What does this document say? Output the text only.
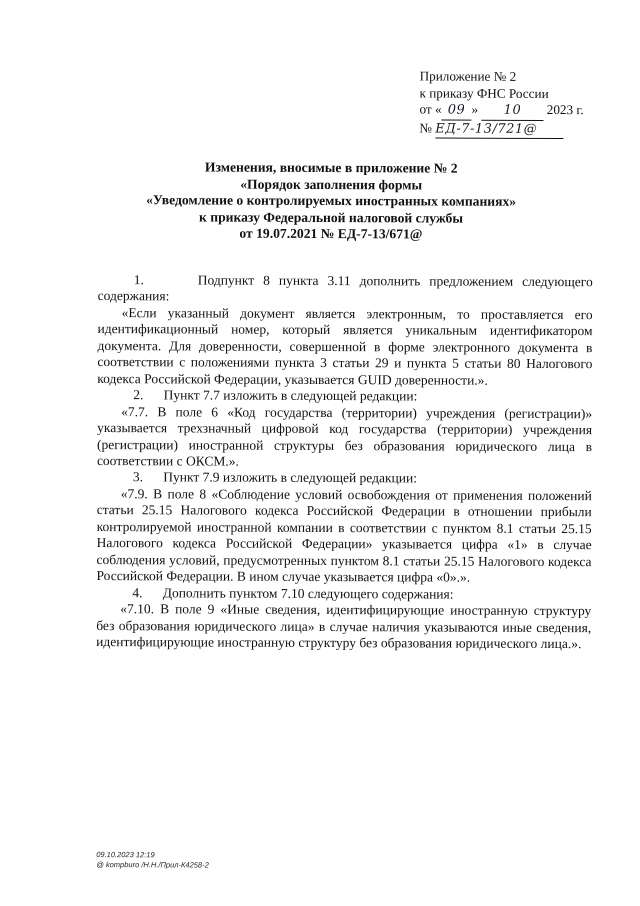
Приложение № 2
к приказу ФНС России
от « 09 » 10 2023 г.
№ ЕД-7-13/721@
Изменения, вносимые в приложение № 2
«Порядок заполнения формы
«Уведомление о контролируемых иностранных компаниях»
к приказу Федеральной налоговой службы
от 19.07.2021 № ЕД-7-13/671@

1.      Подпункт 8 пункта 3.11 дополнить предложением следующего содержания:

«Если указанный документ является электронным, то проставляется его идентификационный номер, который является уникальным идентификатором документа. Для доверенности, совершенной в форме электронного документа в соответствии с положениями пункта 3 статьи 29 и пункта 5 статьи 80 Налогового кодекса Российской Федерации, указывается GUID доверенности.».

2.      Пункт 7.7 изложить в следующей редакции:

«7.7. В поле 6 «Код государства (территории) учреждения (регистрации)» указывается трехзначный цифровой код государства (территории) учреждения (регистрации) иностранной структуры без образования юридического лица в соответствии с ОКСМ.».

3.      Пункт 7.9 изложить в следующей редакции:

«7.9. В поле 8 «Соблюдение условий освобождения от применения положений статьи 25.15 Налогового кодекса Российской Федерации в отношении прибыли контролируемой иностранной компании в соответствии с пунктом 8.1 статьи 25.15 Налогового кодекса Российской Федерации» указывается цифра «1» в случае соблюдения условий, предусмотренных пунктом 8.1 статьи 25.15 Налогового кодекса Российской Федерации. В ином случае указывается цифра «0».».

4.      Дополнить пунктом 7.10 следующего содержания:

«7.10. В поле 9 «Иные сведения, идентифицирующие иностранную структуру без образования юридического лица» в случае наличия указываются иные сведения, идентифицирующие иностранную структуру без образования юридического лица.».

09.10.2023 12:19
@ kompburo /Н.Н./Прил-К4258-2
